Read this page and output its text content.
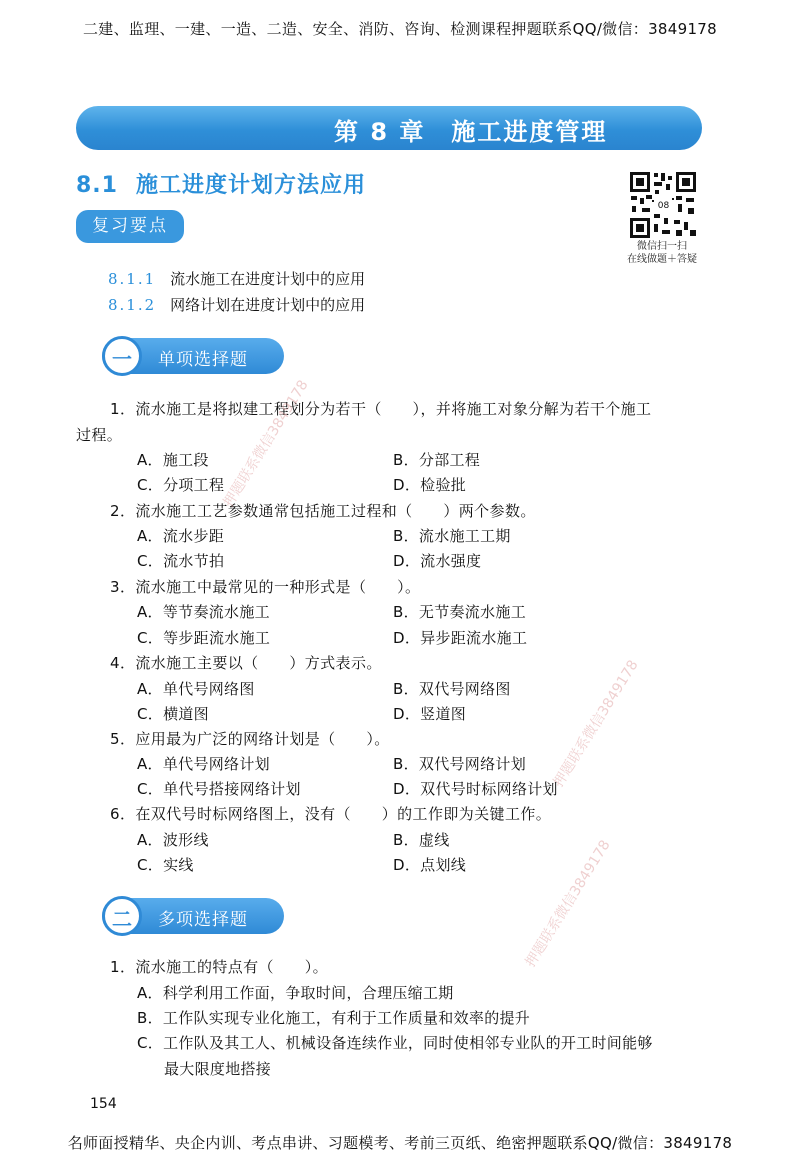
二建、监理、一建、一造、二造、安全、消防、咨询、检测课程押题联系QQ/微信：3849178
第 8 章　施工进度管理
8.1 施工进度计划方法应用
复习要点
08
微信扫一扫
在线做题＋答疑
8.1.1 流水施工在进度计划中的应用
8.1.2 网络计划在进度计划中的应用
一	单项选择题
1．流水施工是将拟建工程划分为若干（　　），并将施工对象分解为若干个施工
过程。
A．施工段	B．分部工程
C．分项工程	D．检验批
2．流水施工工艺参数通常包括施工过程和（　　）两个参数。
A．流水步距	B．流水施工工期
C．流水节拍	D．流水强度
3．流水施工中最常见的一种形式是（　　）。
A．等节奏流水施工	B．无节奏流水施工
C．等步距流水施工	D．异步距流水施工
4．流水施工主要以（　　）方式表示。
A．单代号网络图	B．双代号网络图
C．横道图	D．竖道图
5．应用最为广泛的网络计划是（　　）。
A．单代号网络计划	B．双代号网络计划
C．单代号搭接网络计划	D．双代号时标网络计划
6．在双代号时标网络图上，没有（　　）的工作即为关键工作。
A．波形线	B．虚线
C．实线	D．点划线
二	多项选择题
1．流水施工的特点有（　　）。
A．科学利用工作面，争取时间，合理压缩工期
B．工作队实现专业化施工，有利于工作质量和效率的提升
C．工作队及其工人、机械设备连续作业，同时使相邻专业队的开工时间能够
最大限度地搭接
154
名师面授精华、央企内训、考点串讲、习题模考、考前三页纸、绝密押题联系QQ/微信：3849178
押题联系微信3849178
押题联系微信3849178
押题联系微信3849178
